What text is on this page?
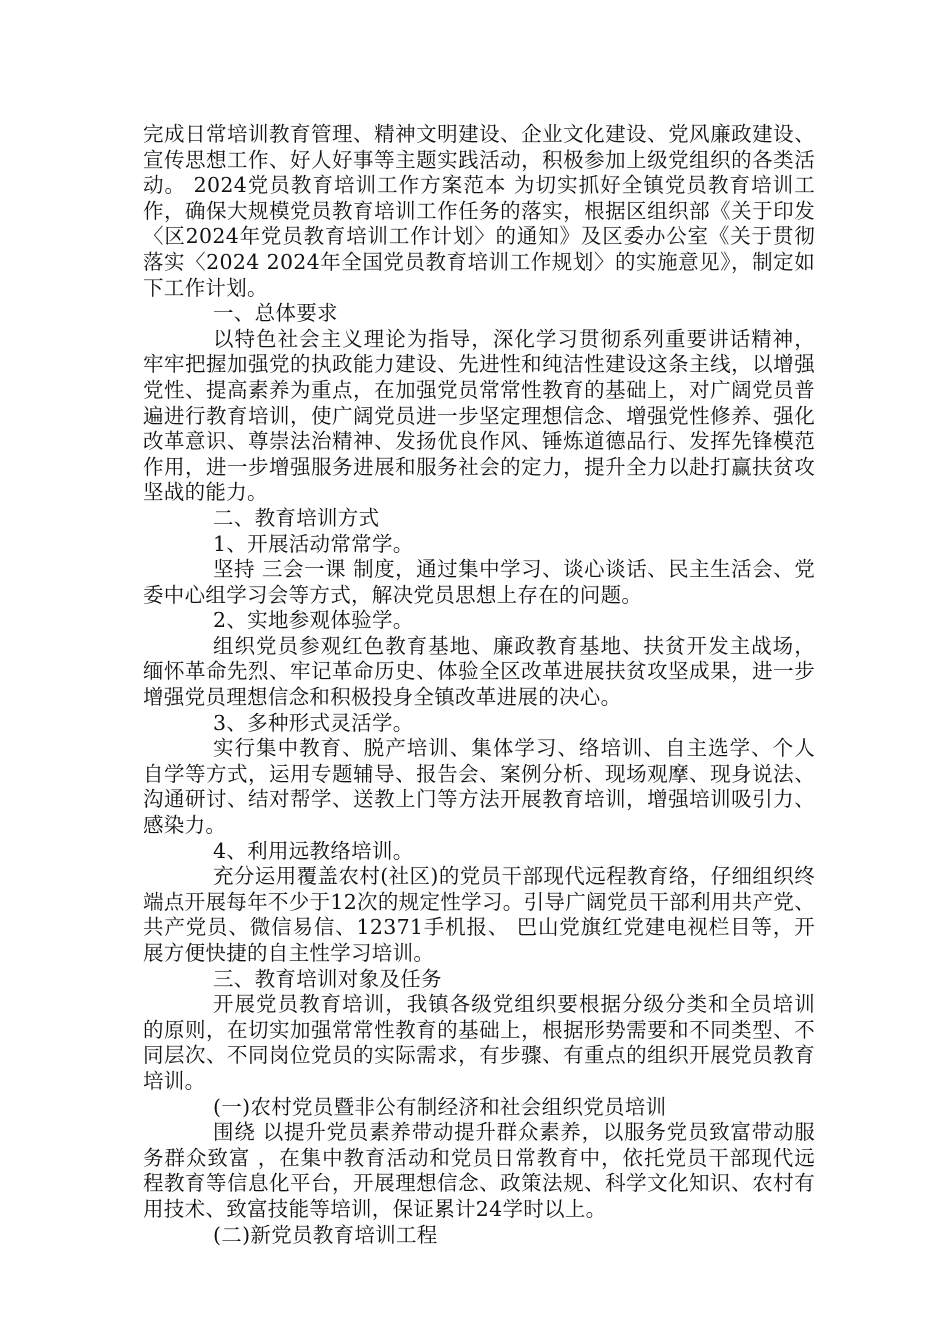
完成日常培训教育管理、精神文明建设、企业文化建设、党风廉政建设、宣传思想工作、好人好事等主题实践活动，积极参加上级党组织的各类活动。 2024党员教育培训工作方案范本 为切实抓好全镇党员教育培训工作，确保大规模党员教育培训工作任务的落实，根据区组织部《关于印发〈区2024年党员教育培训工作计划〉的通知》及区委办公室《关于贯彻落实〈2024 2024年全国党员教育培训工作规划〉的实施意见》，制定如下工作计划。

一、总体要求

以特色社会主义理论为指导，深化学习贯彻系列重要讲话精神，牢牢把握加强党的执政能力建设、先进性和纯洁性建设这条主线，以增强党性、提高素养为重点，在加强党员常常性教育的基础上，对广阔党员普遍进行教育培训，使广阔党员进一步坚定理想信念、增强党性修养、强化改革意识、尊崇法治精神、发扬优良作风、锤炼道德品行、发挥先锋模范作用，进一步增强服务进展和服务社会的定力，提升全力以赴打赢扶贫攻坚战的能力。

二、教育培训方式

1、开展活动常常学。

坚持 三会一课 制度，通过集中学习、谈心谈话、民主生活会、党委中心组学习会等方式，解决党员思想上存在的问题。

2、实地参观体验学。

组织党员参观红色教育基地、廉政教育基地、扶贫开发主战场，缅怀革命先烈、牢记革命历史、体验全区改革进展扶贫攻坚成果，进一步增强党员理想信念和积极投身全镇改革进展的决心。

3、多种形式灵活学。

实行集中教育、脱产培训、集体学习、络培训、自主选学、个人自学等方式，运用专题辅导、报告会、案例分析、现场观摩、现身说法、沟通研讨、结对帮学、送教上门等方法开展教育培训，增强培训吸引力、感染力。

4、利用远教络培训。

充分运用覆盖农村(社区)的党员干部现代远程教育络，仔细组织终端点开展每年不少于12次的规定性学习。引导广阔党员干部利用共产党、共产党员、微信易信、12371手机报、 巴山党旗红党建电视栏目等，开展方便快捷的自主性学习培训。

三、教育培训对象及任务

开展党员教育培训，我镇各级党组织要根据分级分类和全员培训的原则，在切实加强常常性教育的基础上，根据形势需要和不同类型、不同层次、不同岗位党员的实际需求，有步骤、有重点的组织开展党员教育培训。

(一)农村党员暨非公有制经济和社会组织党员培训

围绕 以提升党员素养带动提升群众素养，以服务党员致富带动服务群众致富 ，在集中教育活动和党员日常教育中，依托党员干部现代远程教育等信息化平台，开展理想信念、政策法规、科学文化知识、农村有用技术、致富技能等培训，保证累计24学时以上。

(二)新党员教育培训工程
